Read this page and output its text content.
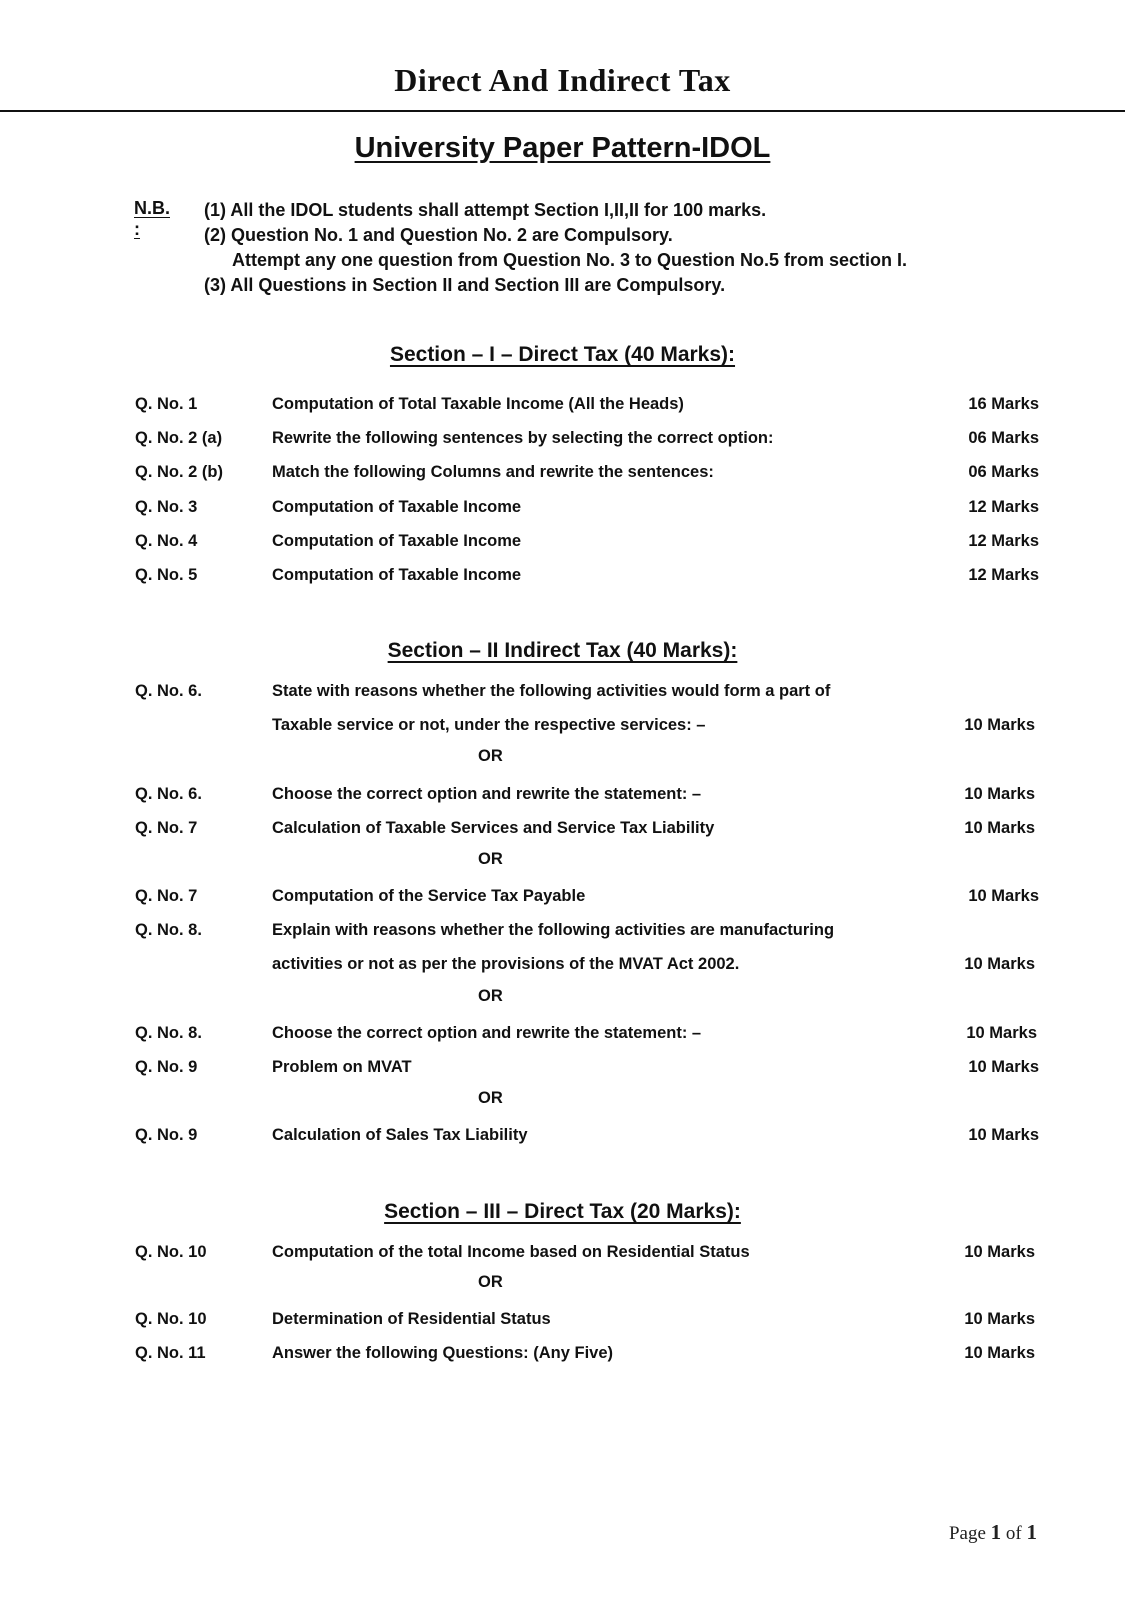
Direct And Indirect Tax
University Paper Pattern-IDOL
N.B. :
(1) All the IDOL students shall attempt Section I,II,II for 100 marks.
(2) Question No. 1 and Question No. 2 are Compulsory.
Attempt any one question from Question No. 3 to Question No.5 from section I.
(3) All Questions in Section II and Section III are Compulsory.
Section – I – Direct Tax (40 Marks):
Q. No. 1	Computation of Total Taxable Income (All the Heads)	16 Marks
Q. No. 2 (a)	Rewrite the following sentences by selecting the correct option:	06 Marks
Q. No. 2 (b)	Match the following Columns and rewrite the sentences:	06 Marks
Q. No. 3	Computation of Taxable Income	12 Marks
Q. No. 4	Computation of Taxable Income	12 Marks
Q. No. 5	Computation of Taxable Income	12 Marks
Section – II Indirect Tax (40 Marks):
Q. No. 6.	State with reasons whether the following activities would form a part of
Taxable service or not, under the respective services: –	10 Marks
OR
Q. No. 6.	Choose the correct option and rewrite the statement: –	10 Marks
Q. No. 7	Calculation of Taxable Services and Service Tax Liability	10 Marks
OR
Q. No. 7	Computation of the Service Tax Payable	10 Marks
Q. No. 8.	Explain with reasons whether the following activities are manufacturing
activities or not as per the provisions of the MVAT Act 2002.	10 Marks
OR
Q. No. 8.	Choose the correct option and rewrite the statement: –	10 Marks
Q. No. 9	Problem on MVAT	10 Marks
OR
Q. No. 9	Calculation of Sales Tax Liability	10 Marks
Section – III – Direct Tax (20 Marks):
Q. No. 10	Computation of the total Income based on Residential Status	10 Marks
OR
Q. No. 10	Determination of Residential Status	10 Marks
Q. No. 11	Answer the following Questions: (Any Five)	10 Marks
Page 1 of 1
